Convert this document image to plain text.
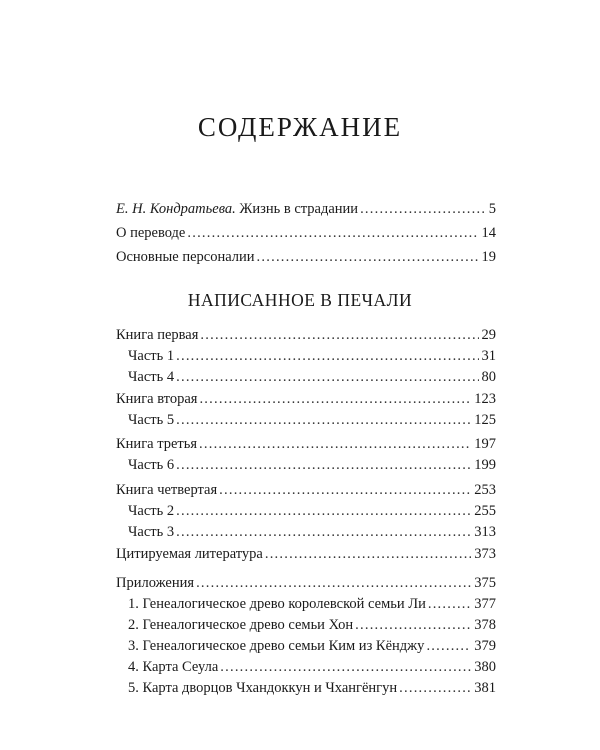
СОДЕРЖАНИЕ
Е. Н. Кондратьева. Жизнь в страдании . . .	5
О переводе . . .	14
Основные персоналии . . .	19
НАПИСАННОЕ В ПЕЧАЛИ
Книга первая . . .	29
Часть 1 . . .	31
Часть 4 . . .	80
Книга вторая . . .	123
Часть 5 . . .	125
Книга третья . . .	197
Часть 6 . . .	199
Книга четвертая . . .	253
Часть 2 . . .	255
Часть 3 . . .	313
Цитируемая литература . . .	373
Приложения . . .	375
1. Генеалогическое древо королевской семьи Ли . . .	377
2. Генеалогическое древо семьи Хон . . .	378
3. Генеалогическое древо семьи Ким из Кёнджу . . .	379
4. Карта Сеула . . .	380
5. Карта дворцов Чхандоккун и Чхангёнгун . . .	381
